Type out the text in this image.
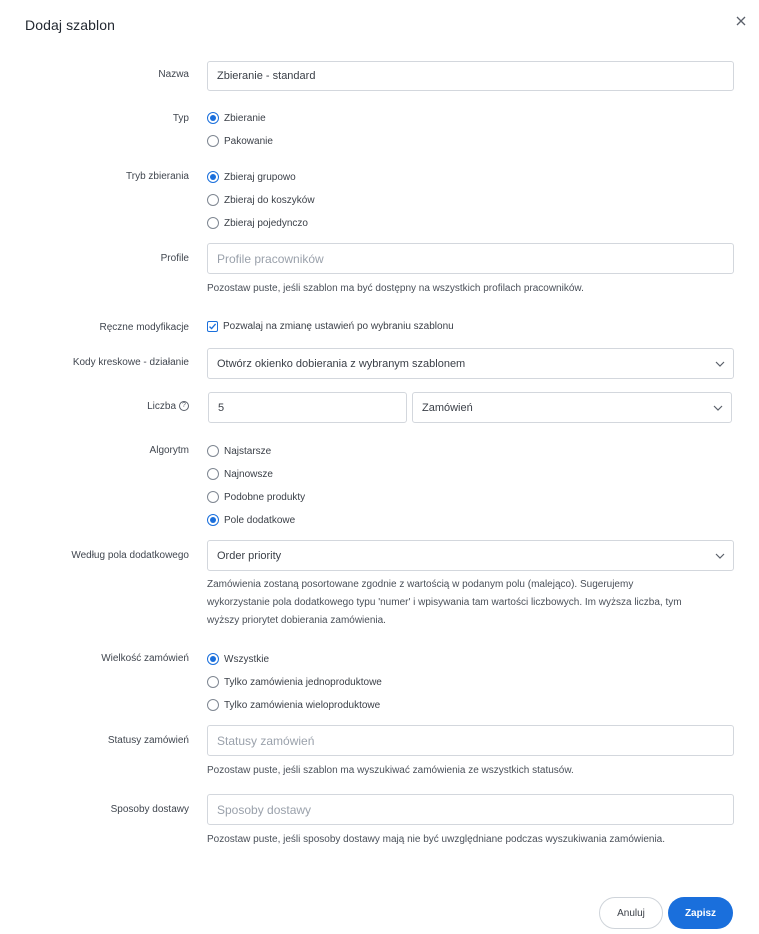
Dodaj szablon
Nazwa	Zbieranie - standard
Typ	Zbieranie
Pakowanie
Tryb zbierania	Zbieraj grupowo
Zbieraj do koszyków
Zbieraj pojedynczo
Profile	Profile pracowników
Pozostaw puste, jeśli szablon ma być dostępny na wszystkich profilach pracowników.
Ręczne modyfikacje	Pozwalaj na zmianę ustawień po wybraniu szablonu
Kody kreskowe - działanie	Otwórz okienko dobierania z wybranym szablonem
Liczba ?	5	Zamówień
Algorytm	Najstarsze
Najnowsze
Podobne produkty
Pole dodatkowe
Według pola dodatkowego	Order priority
Zamówienia zostaną posortowane zgodnie z wartością w podanym polu (malejąco). Sugerujemy
wykorzystanie pola dodatkowego typu 'numer' i wpisywania tam wartości liczbowych. Im wyższa liczba, tym
wyższy priorytet dobierania zamówienia.
Wielkość zamówień	Wszystkie
Tylko zamówienia jednoproduktowe
Tylko zamówienia wieloproduktowe
Statusy zamówień	Statusy zamówień
Pozostaw puste, jeśli szablon ma wyszukiwać zamówienia ze wszystkich statusów.
Sposoby dostawy	Sposoby dostawy
Pozostaw puste, jeśli sposoby dostawy mają nie być uwzględniane podczas wyszukiwania zamówienia.
Anuluj	Zapisz
